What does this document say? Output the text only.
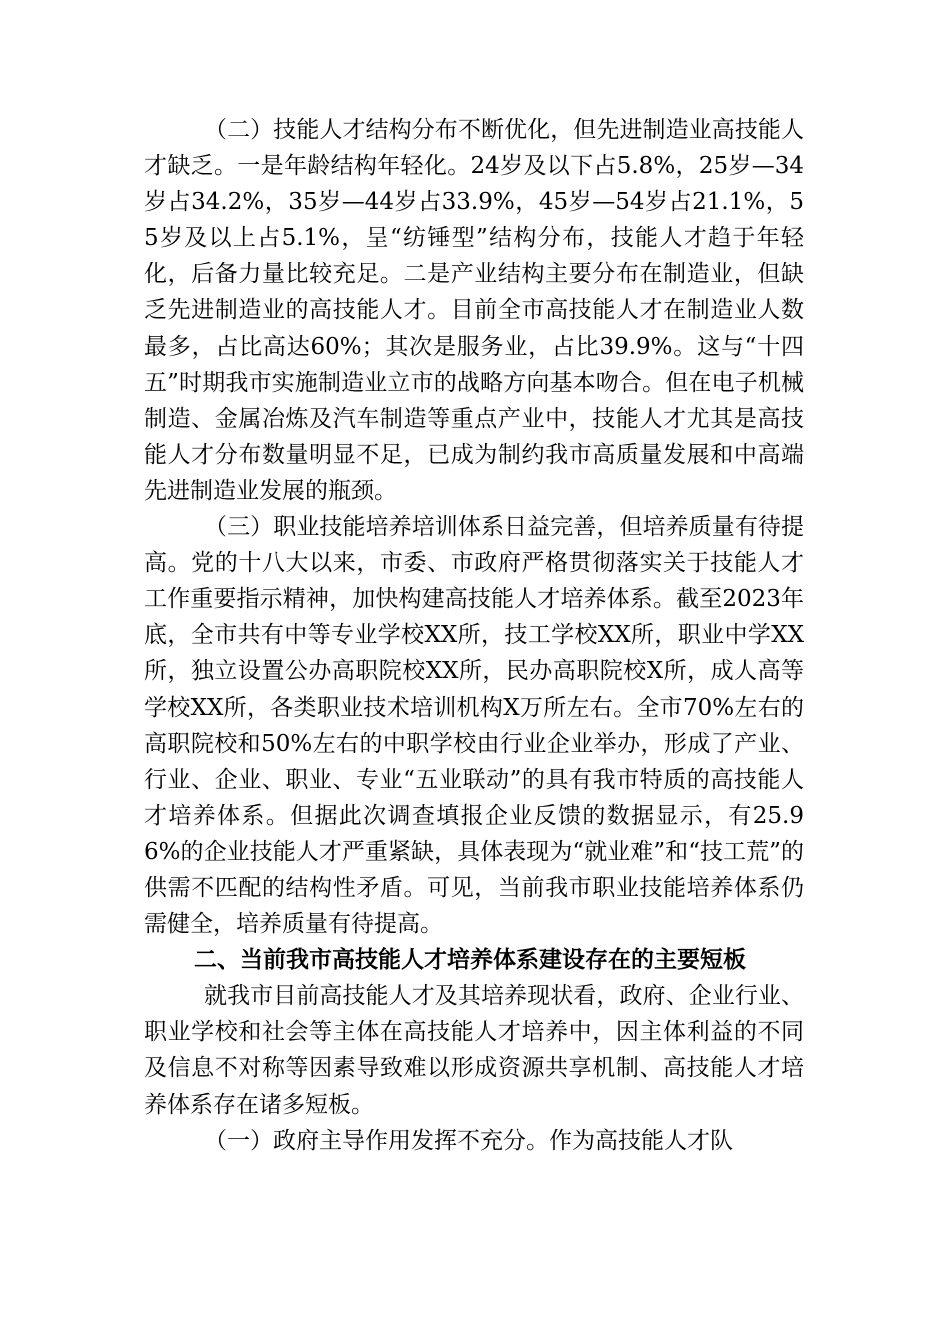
（二）技能人才结构分布不断优化，但先进制造业高技能人才缺乏。一是年龄结构年轻化。24岁及以下占5.8%，25岁—34岁占34.2%，35岁—44岁占33.9%，45岁—54岁占21.1%，55岁及以上占5.1%，呈“纺锤型”结构分布，技能人才趋于年轻化，后备力量比较充足。二是产业结构主要分布在制造业，但缺乏先进制造业的高技能人才。目前全市高技能人才在制造业人数最多，占比高达60%；其次是服务业，占比39.9%。这与“十四五”时期我市实施制造业立市的战略方向基本吻合。但在电子机械制造、金属冶炼及汽车制造等重点产业中，技能人才尤其是高技能人才分布数量明显不足，已成为制约我市高质量发展和中高端先进制造业发展的瓶颈。

（三）职业技能培养培训体系日益完善，但培养质量有待提高。党的十八大以来，市委、市政府严格贯彻落实关于技能人才工作重要指示精神，加快构建高技能人才培养体系。截至2023年底，全市共有中等专业学校XX所，技工学校XX所，职业中学XX所，独立设置公办高职院校XX所，民办高职院校X所，成人高等学校XX所，各类职业技术培训机构X万所左右。全市70%左右的高职院校和50%左右的中职学校由行业企业举办，形成了产业、行业、企业、职业、专业“五业联动”的具有我市特质的高技能人才培养体系。但据此次调查填报企业反馈的数据显示，有25.96%的企业技能人才严重紧缺，具体表现为“就业难”和“技工荒”的供需不匹配的结构性矛盾。可见，当前我市职业技能培养体系仍需健全，培养质量有待提高。

二、当前我市高技能人才培养体系建设存在的主要短板

就我市目前高技能人才及其培养现状看，政府、企业行业、职业学校和社会等主体在高技能人才培养中，因主体利益的不同及信息不对称等因素导致难以形成资源共享机制、高技能人才培养体系存在诸多短板。

（一）政府主导作用发挥不充分。作为高技能人才队
